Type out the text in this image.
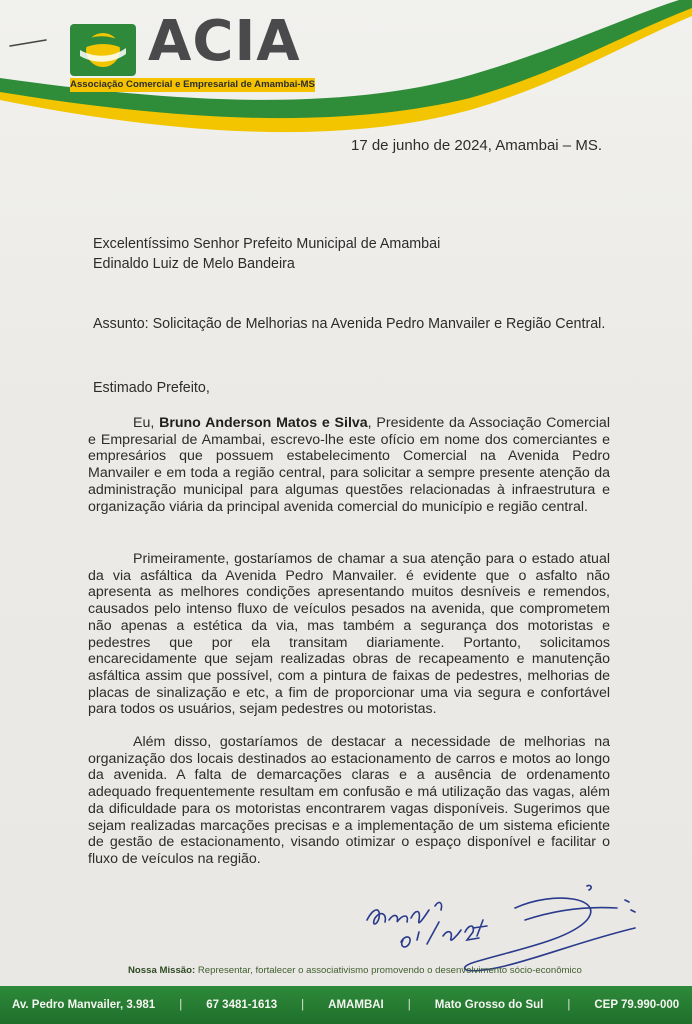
ACIA
Associação Comercial e Empresarial de Amambai-MS
17 de junho de 2024, Amambai – MS.
Excelentíssimo Senhor Prefeito Municipal de Amambai
Edinaldo Luiz de Melo Bandeira
Assunto: Solicitação de Melhorias na Avenida Pedro Manvailer e Região Central.
Estimado Prefeito,

Eu, Bruno Anderson Matos e Silva, Presidente da Associação Comercial e Empresarial de Amambai, escrevo-lhe este ofício em nome dos comerciantes e empresários que possuem estabelecimento Comercial na Avenida Pedro Manvailer e em toda a região central, para solicitar a sempre presente atenção da administração municipal para algumas questões relacionadas à infraestrutura e organização viária da principal avenida comercial do município e região central.

Primeiramente, gostaríamos de chamar a sua atenção para o estado atual da via asfáltica da Avenida Pedro Manvailer. é evidente que o asfalto não apresenta as melhores condições apresentando muitos desníveis e remendos, causados pelo intenso fluxo de veículos pesados na avenida, que comprometem não apenas a estética da via, mas também a segurança dos motoristas e pedestres que por ela transitam diariamente. Portanto, solicitamos encarecidamente que sejam realizadas obras de recapeamento e manutenção asfáltica assim que possível, com a pintura de faixas de pedestres, melhorias de placas de sinalização e etc, a fim de proporcionar uma via segura e confortável para todos os usuários, sejam pedestres ou motoristas.

Além disso, gostaríamos de destacar a necessidade de melhorias na organização dos locais destinados ao estacionamento de carros e motos ao longo da avenida. A falta de demarcações claras e a ausência de ordenamento adequado frequentemente resultam em confusão e má utilização das vagas, além da dificuldade para os motoristas encontrarem vagas disponíveis. Sugerimos que sejam realizadas marcações precisas e a implementação de um sistema eficiente de gestão de estacionamento, visando otimizar o espaço disponível e facilitar o fluxo de veículos na região.

Nossa Missão: Representar, fortalecer o associativismo promovendo o desenvolvimento sócio-econômico
Av. Pedro Manvailer, 3.981 | 67 3481-1613 | AMAMBAI | Mato Grosso do Sul | CEP 79.990-000
